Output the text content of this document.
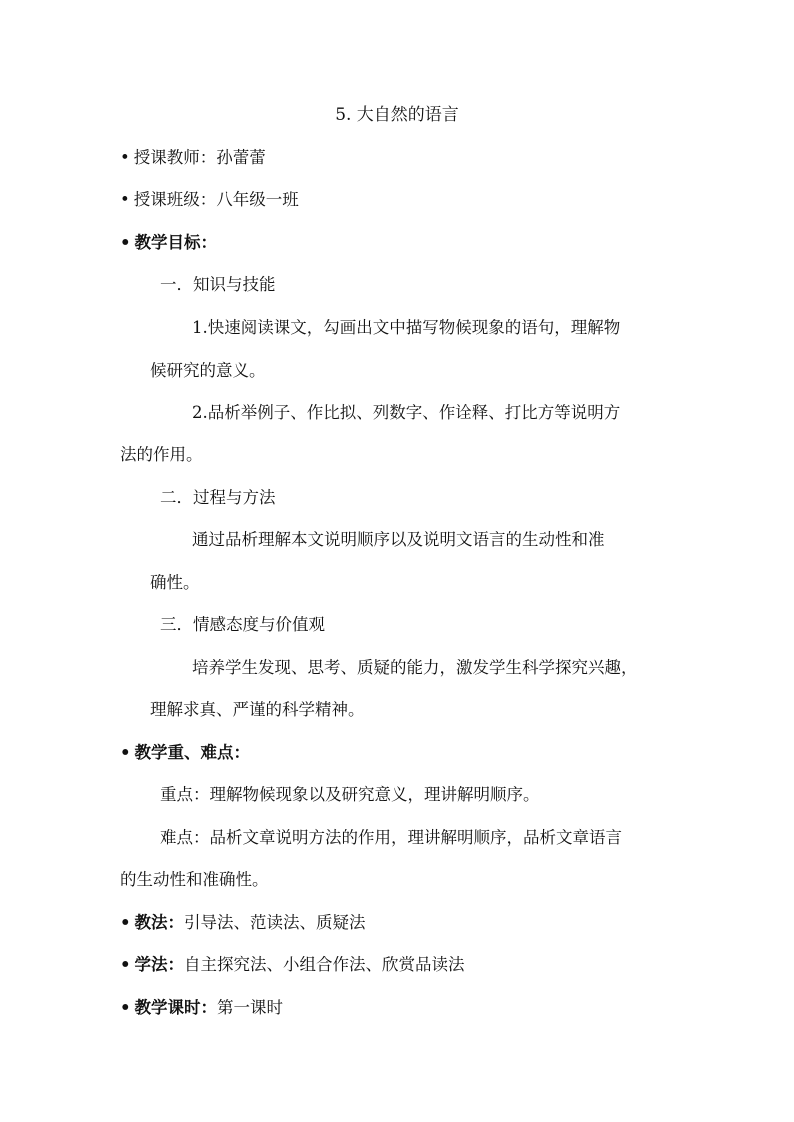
5. 大自然的语言
• 授课教师：孙蕾蕾
• 授课班级：八年级一班
• 教学目标：
一．知识与技能
1.快速阅读课文，勾画出文中描写物候现象的语句，理解物
候研究的意义。
2.品析举例子、作比拟、列数字、作诠释、打比方等说明方
法的作用。
二．过程与方法
通过品析理解本文说明顺序以及说明文语言的生动性和准
确性。
三．情感态度与价值观
培养学生发现、思考、质疑的能力，激发学生科学探究兴趣，
理解求真、严谨的科学精神。
• 教学重、难点：
重点：理解物候现象以及研究意义，理讲解明顺序。
难点：品析文章说明方法的作用，理讲解明顺序，品析文章语言
的生动性和准确性。
• 教法：引导法、范读法、质疑法
• 学法：自主探究法、小组合作法、欣赏品读法
• 教学课时：第一课时
